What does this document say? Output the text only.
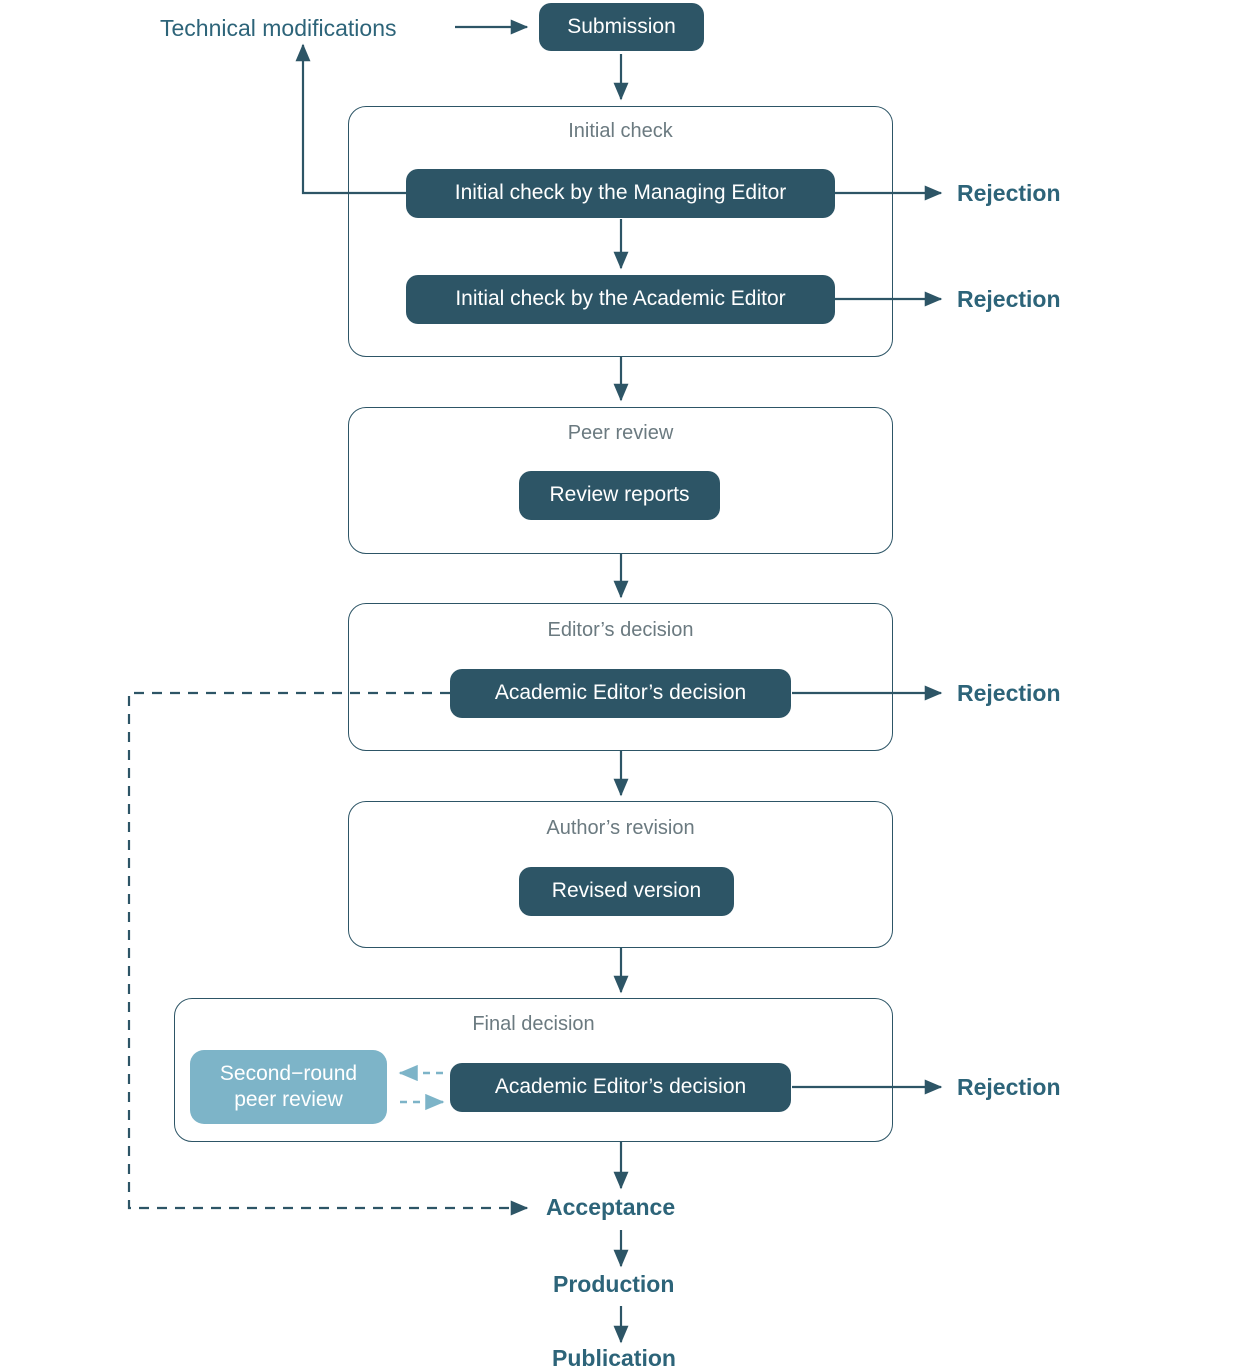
Technical modifications	Submission
Initial check
Initial check by the Managing Editor
Initial check by the Academic Editor
Rejection
Rejection
Peer review
Review reports
Editor’s decision
Academic Editor’s decision	Rejection
Author’s revision
Revised version
Final decision
Second−round
peer review
Academic Editor’s decision	Rejection
Acceptance
Production
Publication
